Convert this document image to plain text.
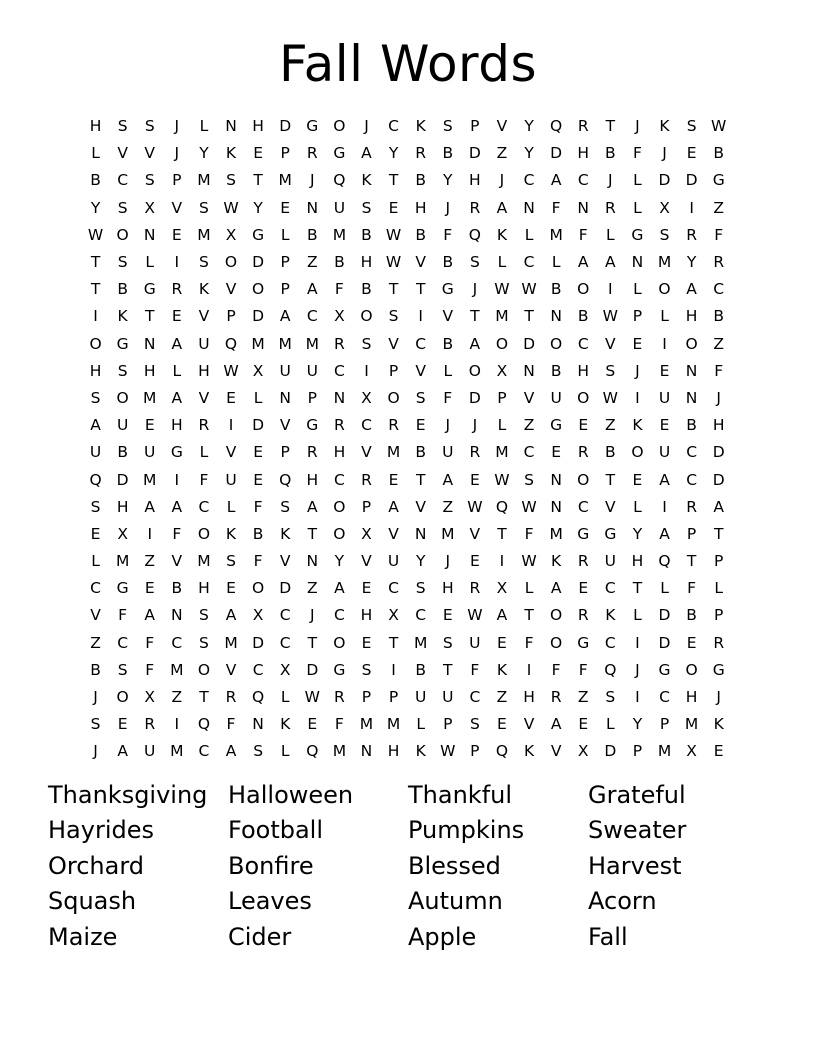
Fall Words
H	S	S	J	L	N H D G O	J	C	K	S	P	V	Y	Q	R	T	J	K	S W
L	V	V	J	Y	K	E	P	R	G	A	Y	R	B	D	Z	Y	D H	B	F	J	E	B
B	C	S	P	M S	T	M	J	Q	K	T	B	Y	H	J	C	A	C	J	L	D D G
Y	S	X	V	S W Y	E	N	U	S	E	H	J	R	A	N	F	N	R	L	X	I	Z
W O N	E	M X	G	L	B M B W B	F	Q	K	L	M	F	L	G	S	R	F
T	S	L	I	S	O D	P	Z	B	H W V	B	S	L	C	L	A	A	N M	Y	R
T	B	G	R	K	V	O	P	A	F	B	T	T	G	J	W W B	O	I	L	O	A	C
I	K	T	E	V	P	D	A	C	X	O	S	I	V	T	M	T	N	B W P	L	H	B
O G N	A	U Q M M M R	S	V	C	B	A	O D O	C	V	E	I	O	Z
H	S	H	L	H W X	U	U	C	I	P	V	L	O	X	N	B	H	S	J	E	N	F
S	O M A	V	E	L	N	P	N	X	O	S	F	D	P	V	U O W	I	U	N	J
A	U	E	H	R	I	D	V	G	R	C	R	E	J	J	L	Z	G	E	Z	K	E	B	H
U	B	U G	L	V	E	P	R	H	V M B	U	R M C	E	R	B	O U	C	D
Q D M	I	F	U	E	Q H	C	R	E	T	A	E W S	N O	T	E	A	C	D
S	H	A	A	C	L	F	S	A	O	P	A	V	Z W Q W N	C	V	L	I	R	A
E	X	I	F	O	K	B	K	T	O	X	V	N M V	T	F	M G G	Y	A	P	T
L	M Z	V M S	F	V	N	Y	V	U	Y	J	E	I	W K	R	U	H Q	T	P
C	G	E	B	H	E	O D	Z	A	E	C	S	H	R	X	L	A	E	C	T	L	F	L
V	F	A	N	S	A	X	C	J	C	H	X	C	E W A	T	O	R	K	L	D	B	P
Z	C	F	C	S M D	C	T	O	E	T	M S	U	E	F	O G	C	I	D	E	R
B	S	F	M O	V	C	X	D G	S	I	B	T	F	K	I	F	F	Q	J	G O G
J	O	X	Z	T	R	Q	L W R	P	P	U	U	C	Z	H	R	Z	S	I	C	H	J
S	E	R	I	Q	F	N	K	E	F	M M	L	P	S	E	V	A	E	L	Y	P	M K
J	A	U M C	A	S	L	Q M N H	K W P	Q	K	V	X	D	P	M X	E
Thanksgiving Halloween	Thankful	Grateful
Hayrides	Football	Pumpkins	Sweater
Orchard	Bonfire	Blessed	Harvest
Squash	Leaves	Autumn	Acorn
Maize	Cider	Apple	Fall
